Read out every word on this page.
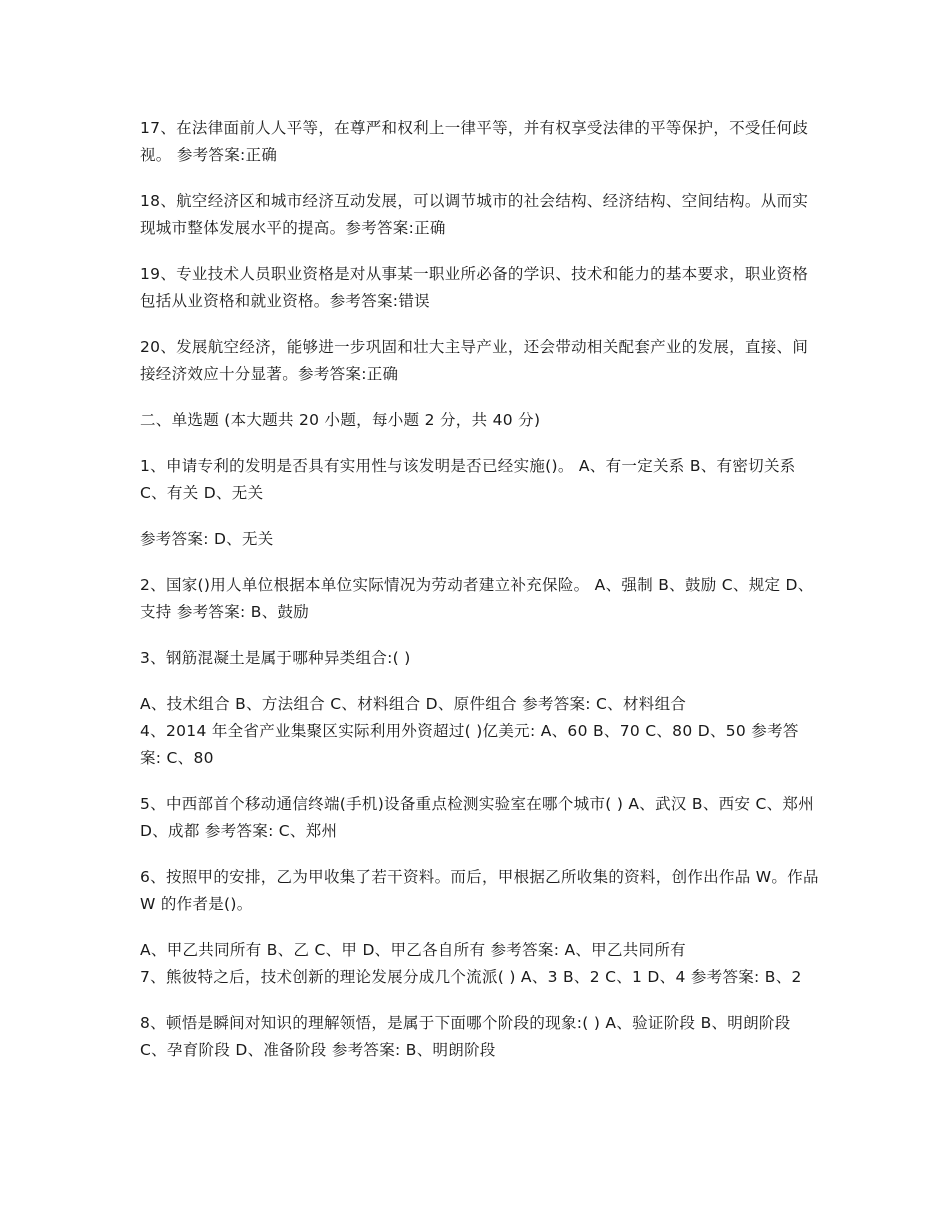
17、在法律面前人人平等，在尊严和权利上一律平等，并有权享受法律的平等保护，不受任何歧视。 参考答案:正确

18、航空经济区和城市经济互动发展，可以调节城市的社会结构、经济结构、空间结构。从而实现城市整体发展水平的提高。参考答案:正确

19、专业技术人员职业资格是对从事某一职业所必备的学识、技术和能力的基本要求，职业资格包括从业资格和就业资格。参考答案:错误

20、发展航空经济，能够进一步巩固和壮大主导产业，还会带动相关配套产业的发展，直接、间接经济效应十分显著。参考答案:正确

二、单选题 (本大题共 20 小题，每小题 2 分，共 40 分)

1、申请专利的发明是否具有实用性与该发明是否已经实施()。 A、有一定关系 B、有密切关系 C、有关 D、无关

参考答案: D、无关

2、国家()用人单位根据本单位实际情况为劳动者建立补充保险。 A、强制 B、鼓励 C、规定 D、支持 参考答案: B、鼓励

3、钢筋混凝土是属于哪种异类组合:( )

A、技术组合 B、方法组合 C、材料组合 D、原件组合 参考答案: C、材料组合

4、2014 年全省产业集聚区实际利用外资超过( )亿美元: A、60 B、70 C、80 D、50 参考答案: C、80

5、中西部首个移动通信终端(手机)设备重点检测实验室在哪个城市( ) A、武汉 B、西安 C、郑州 D、成都 参考答案: C、郑州

6、按照甲的安排，乙为甲收集了若干资料。而后，甲根据乙所收集的资料，创作出作品 W。作品 W 的作者是()。

A、甲乙共同所有 B、乙 C、甲 D、甲乙各自所有 参考答案: A、甲乙共同所有

7、熊彼特之后，技术创新的理论发展分成几个流派( ) A、3 B、2 C、1 D、4 参考答案: B、2

8、顿悟是瞬间对知识的理解领悟，是属于下面哪个阶段的现象:( ) A、验证阶段 B、明朗阶段 C、孕育阶段 D、准备阶段 参考答案: B、明朗阶段
